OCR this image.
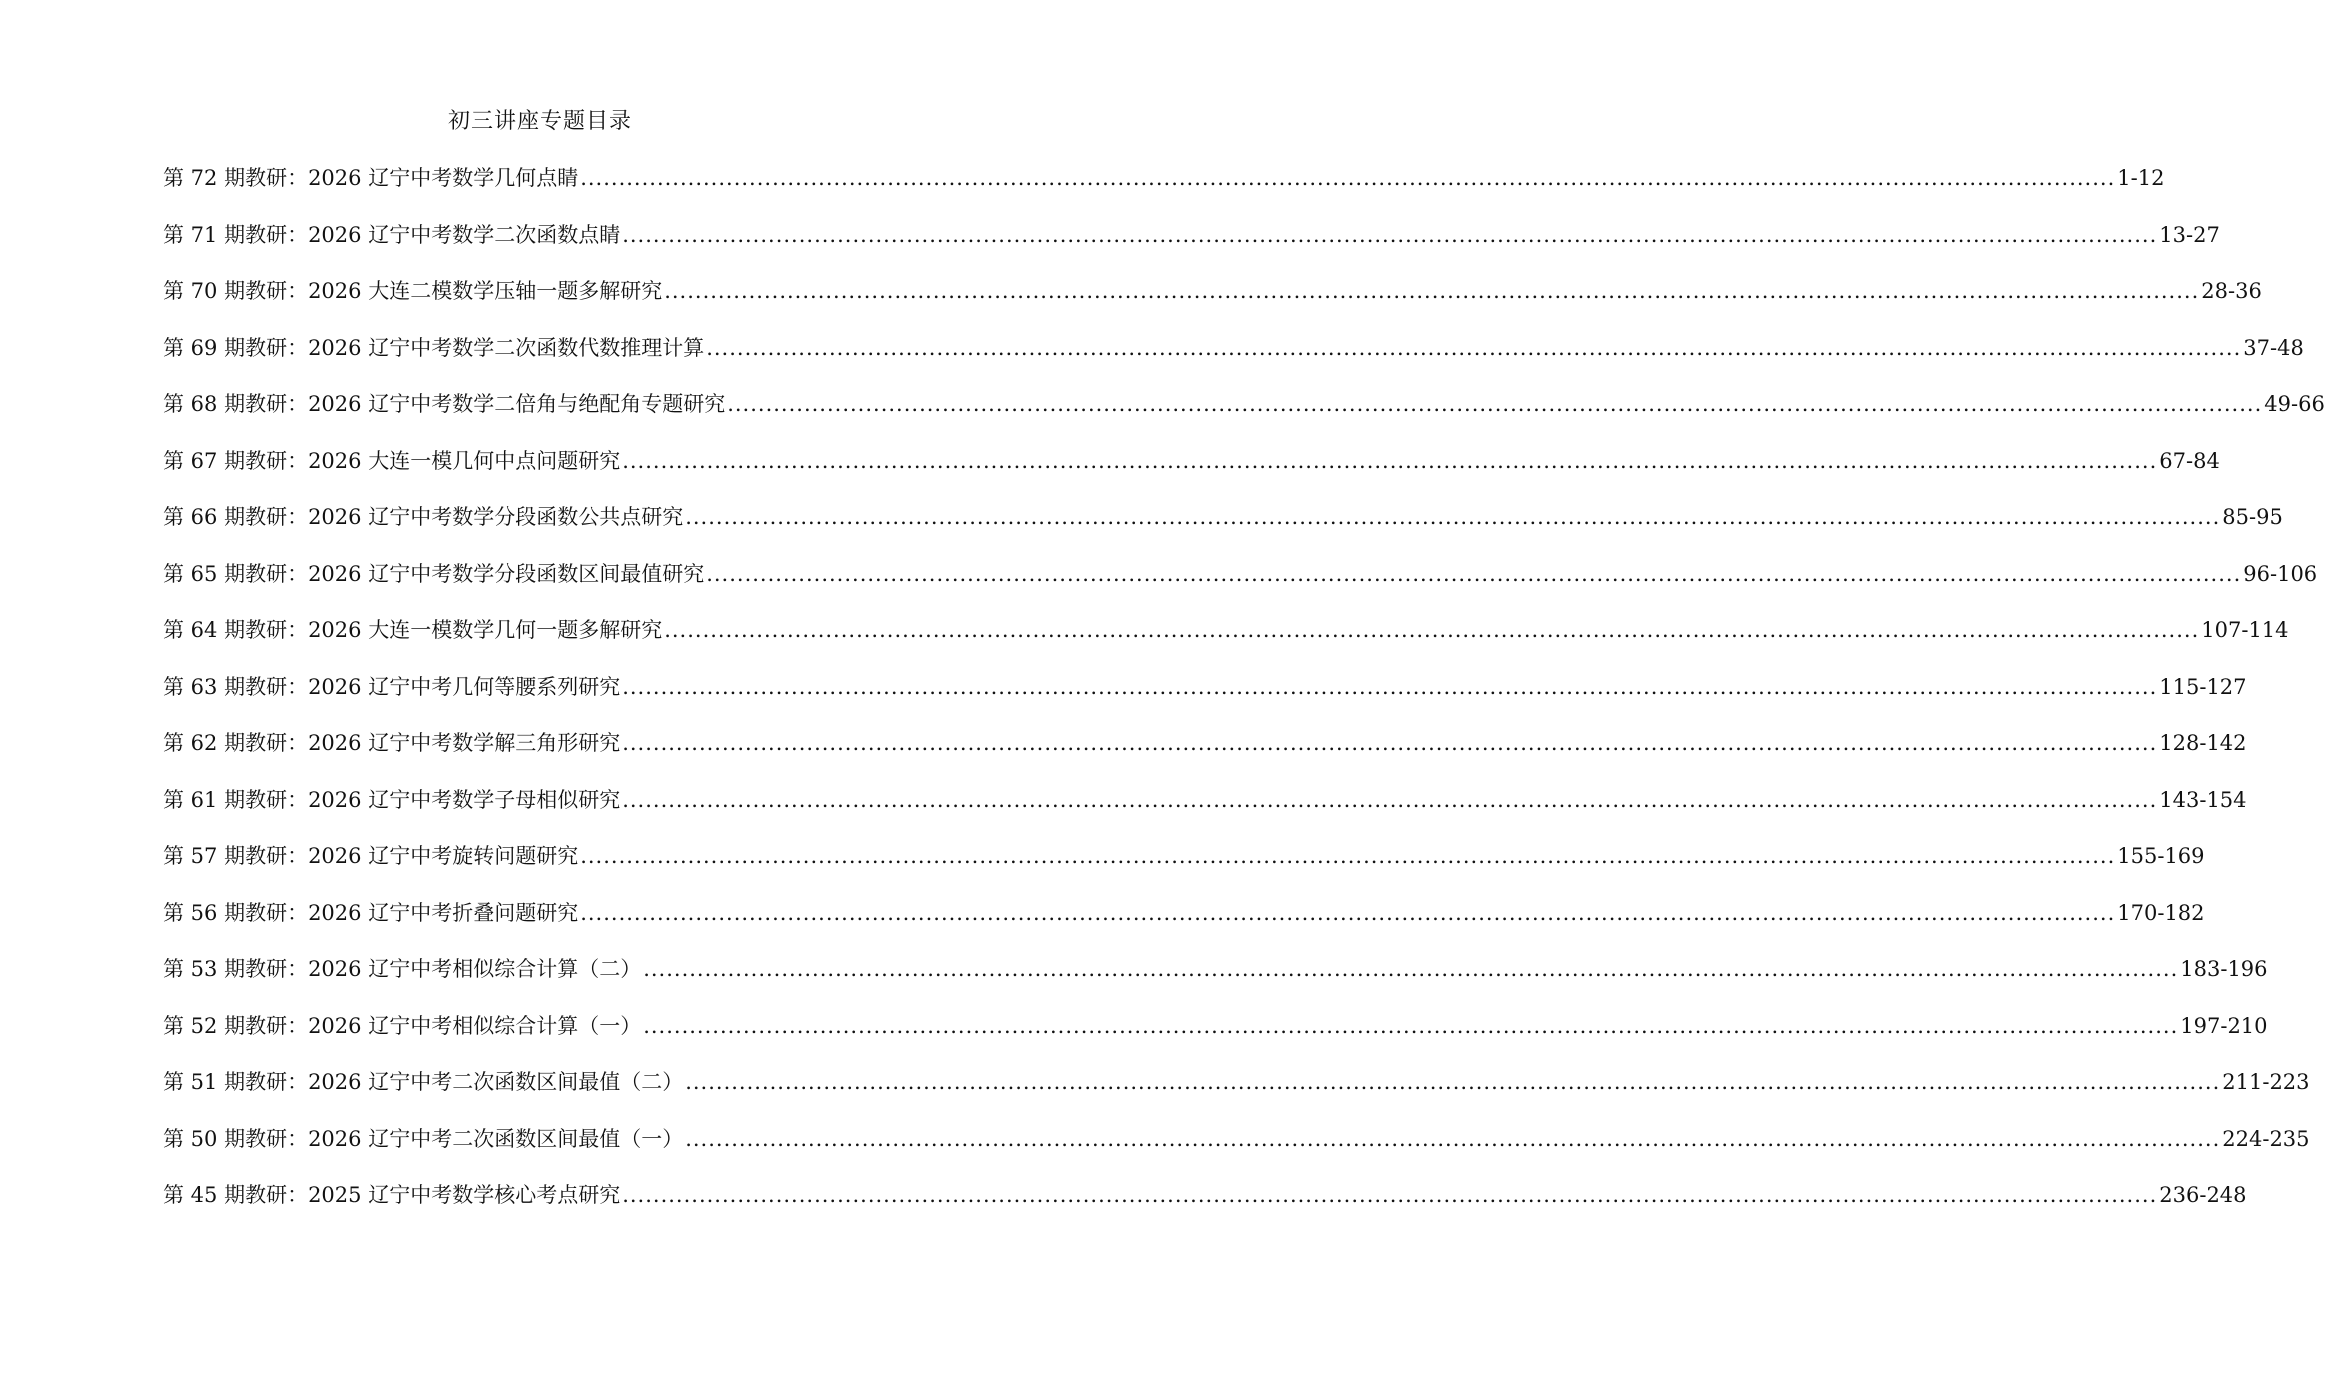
初三讲座专题目录
第 72 期教研：2026 辽宁中考数学几何点睛 ........................................................................................................................................................................................................ 1-12
第 71 期教研：2026 辽宁中考数学二次函数点睛 ........................................................................................................................................................................................................ 13-27
第 70 期教研：2026 大连二模数学压轴一题多解研究 ........................................................................................................................................................................................................ 28-36
第 69 期教研：2026 辽宁中考数学二次函数代数推理计算 ........................................................................................................................................................................................................ 37-48
第 68 期教研：2026 辽宁中考数学二倍角与绝配角专题研究 ........................................................................................................................................................................................................ 49-66
第 67 期教研：2026 大连一模几何中点问题研究 ........................................................................................................................................................................................................ 67-84
第 66 期教研：2026 辽宁中考数学分段函数公共点研究 ........................................................................................................................................................................................................ 85-95
第 65 期教研：2026 辽宁中考数学分段函数区间最值研究 ........................................................................................................................................................................................................ 96-106
第 64 期教研：2026 大连一模数学几何一题多解研究 ........................................................................................................................................................................................................ 107-114
第 63 期教研：2026 辽宁中考几何等腰系列研究 ........................................................................................................................................................................................................ 115-127
第 62 期教研：2026 辽宁中考数学解三角形研究 ........................................................................................................................................................................................................ 128-142
第 61 期教研：2026 辽宁中考数学子母相似研究 ........................................................................................................................................................................................................ 143-154
第 57 期教研：2026 辽宁中考旋转问题研究 ........................................................................................................................................................................................................ 155-169
第 56 期教研：2026 辽宁中考折叠问题研究 ........................................................................................................................................................................................................ 170-182
第 53 期教研：2026 辽宁中考相似综合计算（二） ........................................................................................................................................................................................................ 183-196
第 52 期教研：2026 辽宁中考相似综合计算（一） ........................................................................................................................................................................................................ 197-210
第 51 期教研：2026 辽宁中考二次函数区间最值（二） ........................................................................................................................................................................................................ 211-223
第 50 期教研：2026 辽宁中考二次函数区间最值（一） ........................................................................................................................................................................................................ 224-235
第 45 期教研：2025 辽宁中考数学核心考点研究 ........................................................................................................................................................................................................ 236-248
